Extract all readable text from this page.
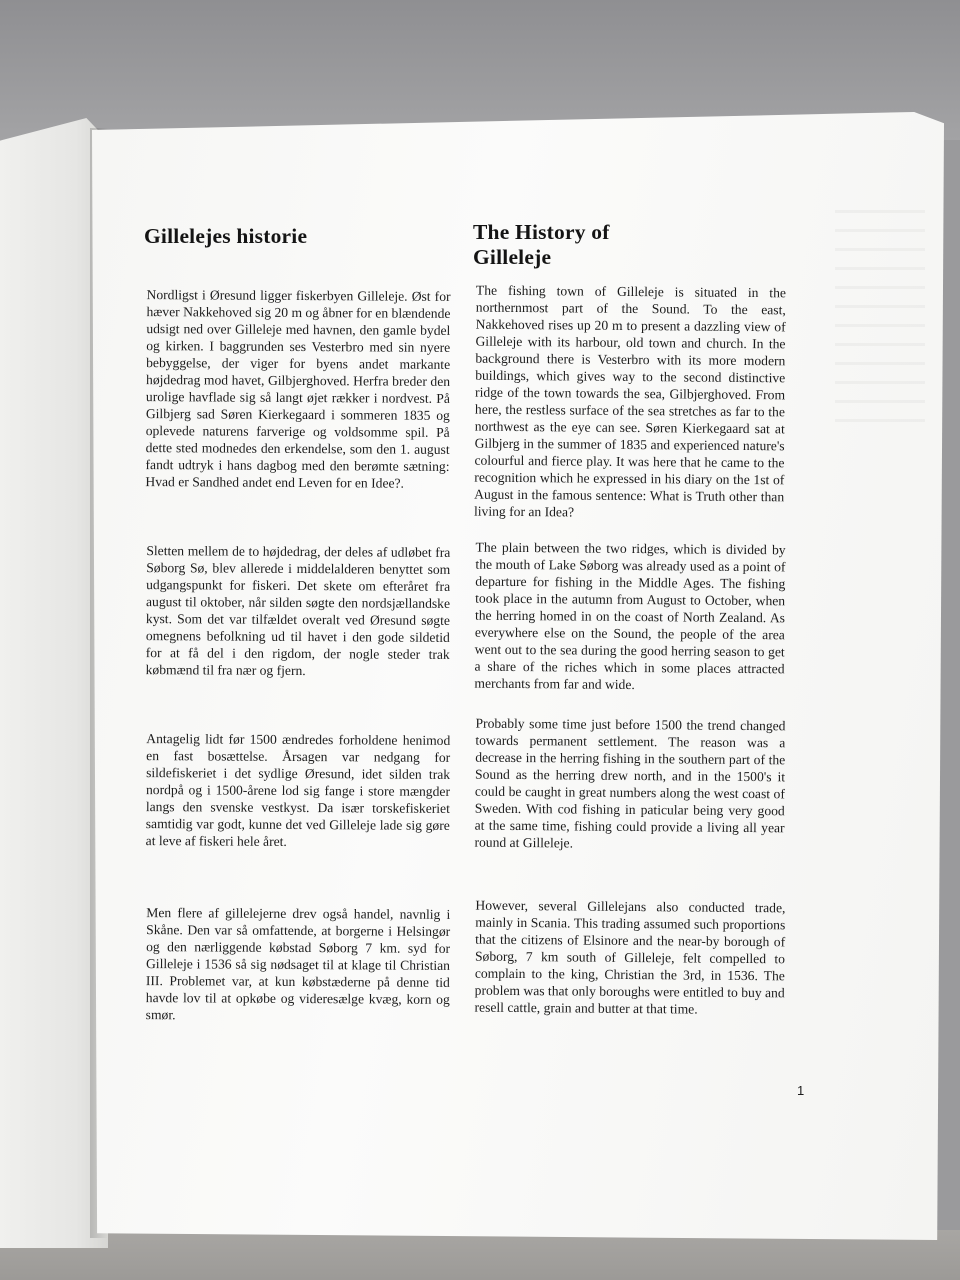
Gillelejes historie	The History of Gilleleje

Nordligst i Øresund ligger fiskerbyen Gilleleje. Øst for hæver Nakkehoved sig 20 m og åbner for en blændende udsigt ned over Gilleleje med havnen, den gamle bydel og kirken. I baggrunden ses Vesterbro med sin nyere bebyggelse, der viger for byens andet markante højdedrag mod havet, Gilbjerghoved. Herfra breder den urolige havflade sig så langt øjet rækker i nordvest. På Gilbjerg sad Søren Kierkegaard i sommeren 1835 og oplevede naturens farverige og voldsomme spil. På dette sted modnedes den erkendelse, som den 1. august fandt udtryk i hans dagbog med den berømte sætning: Hvad er Sandhed andet end Leven for en Idee?.

Sletten mellem de to højdedrag, der deles af udløbet fra Søborg Sø, blev allerede i middelalderen benyttet som udgangspunkt for fiskeri. Det skete om efteråret fra august til oktober, når silden søgte den nordsjællandske kyst. Som det var tilfældet overalt ved Øresund søgte omegnens befolkning ud til havet i den gode sildetid for at få del i den rigdom, der nogle steder trak købmænd til fra nær og fjern.

Antagelig lidt før 1500 ændredes forholdene henimod en fast bosættelse. Årsagen var nedgang for sildefiskeriet i det sydlige Øresund, idet silden trak nordpå og i 1500-årene lod sig fange i store mængder langs den svenske vestkyst. Da især torskefiskeriet samtidig var godt, kunne det ved Gilleleje lade sig gøre at leve af fiskeri hele året.

Men flere af gillelejerne drev også handel, navnlig i Skåne. Den var så omfattende, at borgerne i Helsingør og den nærliggende købstad Søborg 7 km. syd for Gilleleje i 1536 så sig nødsaget til at klage til Christian III. Problemet var, at kun købstæderne på denne tid havde lov til at opkøbe og videresælge kvæg, korn og smør.

The fishing town of Gilleleje is situated in the northernmost part of the Sound. To the east, Nakkehoved rises up 20 m to present a dazzling view of Gilleleje with its harbour, old town and church. In the background there is Vesterbro with its more modern buildings, which gives way to the second distinctive ridge of the town towards the sea, Gilbjerghoved. From here, the restless surface of the sea stretches as far to the northwest as the eye can see. Søren Kierkegaard sat at Gilbjerg in the summer of 1835 and experienced nature's colourful and fierce play. It was here that he came to the recognition which he expressed in his diary on the 1st of August in the famous sentence: What is Truth other than living for an Idea?

The plain between the two ridges, which is divided by the mouth of Lake Søborg was already used as a point of departure for fishing in the Middle Ages. The fishing took place in the autumn from August to October, when the herring homed in on the coast of North Zealand. As everywhere else on the Sound, the people of the area went out to the sea during the good herring season to get a share of the riches which in some places attracted merchants from far and wide.

Probably some time just before 1500 the trend changed towards permanent settlement. The reason was a decrease in the herring fishing in the southern part of the Sound as the herring drew north, and in the 1500's it could be caught in great numbers along the west coast of Sweden. With cod fishing in paticular being very good at the same time, fishing could provide a living all year round at Gilleleje.

However, several Gillelejans also conducted trade, mainly in Scania. This trading assumed such proportions that the citizens of Elsinore and the near-by borough of Søborg, 7 km south of Gilleleje, felt compelled to complain to the king, Christian the 3rd, in 1536. The problem was that only boroughs were entitled to buy and resell cattle, grain and butter at that time.

1
